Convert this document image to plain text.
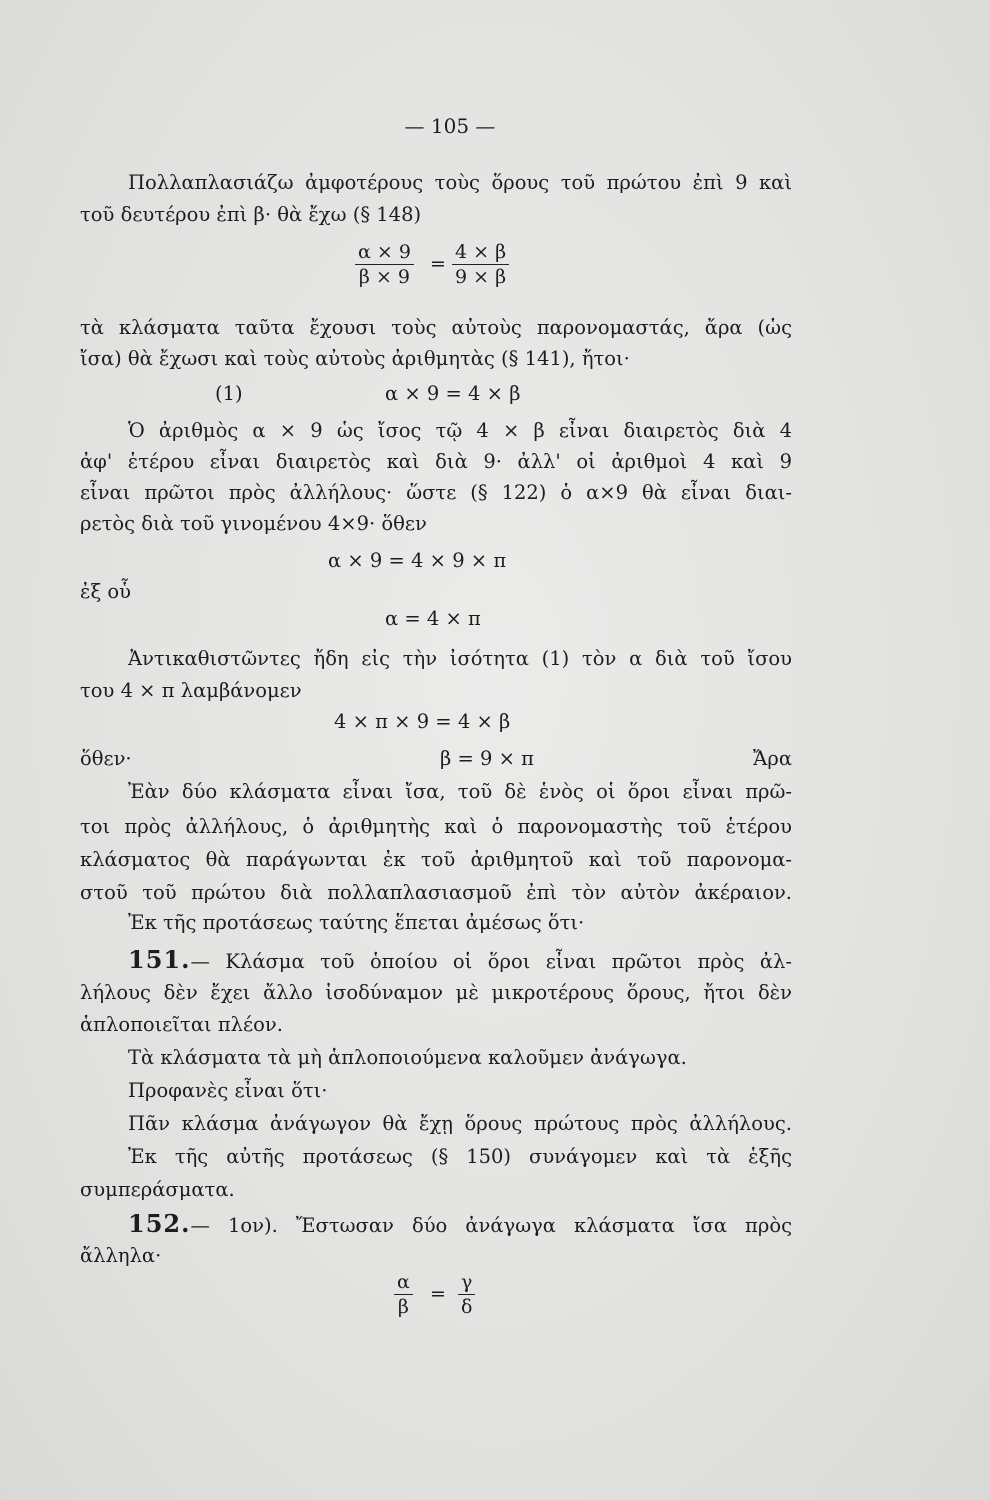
— 105 —
Πολλαπλασιάζω ἀμφοτέρους τοὺς ὅρους τοῦ πρώτου ἐπὶ 9 καὶ
τοῦ δευτέρου ἐπὶ β· θὰ ἔχω (§ 148)
$\frac{\alpha \times 9}{\beta \times 9} = \frac{4 \times \beta}{9 \times \beta}$
τὰ κλάσματα ταῦτα ἔχουσι τοὺς αὐτοὺς παρονομαστάς, ἄρα (ὡς
ἴσα) θὰ ἔχωσι καὶ τοὺς αὐτοὺς ἀριθμητὰς (§ 141), ἤτοι·
(1)	α × 9 = 4 × β
Ὁ ἀριθμὸς α × 9 ὡς ἴσος τῷ 4 × β εἶναι διαιρετὸς διὰ 4
ἀφ' ἑτέρου εἶναι διαιρετὸς καὶ διὰ 9· ἀλλ' οἱ ἀριθμοὶ 4 καὶ 9
εἶναι πρῶτοι πρὸς ἀλλήλους· ὥστε (§ 122) ὁ α×9 θὰ εἶναι διαι-
ρετὸς διὰ τοῦ γινομένου 4×9· ὅθεν
α × 9 = 4 × 9 × π
ἐξ οὗ
α = 4 × π
Ἀντικαθιστῶντες ἤδη εἰς τὴν ἰσότητα (1) τὸν α διὰ τοῦ ἴσου
του 4 × π λαμβάνομεν
4 × π × 9 = 4 × β
ὅθεν·	β = 9 × π	Ἄρα
Ἐὰν δύο κλάσματα εἶναι ἴσα, τοῦ δὲ ἑνὸς οἱ ὅροι εἶναι πρῶ-
τοι πρὸς ἀλλήλους, ὁ ἀριθμητὴς καὶ ὁ παρονομαστὴς τοῦ ἑτέρου
κλάσματος θὰ παράγωνται ἐκ τοῦ ἀριθμητοῦ καὶ τοῦ παρονομα-
στοῦ τοῦ πρώτου διὰ πολλαπλασιασμοῦ ἐπὶ τὸν αὐτὸν ἀκέραιον.
Ἐκ τῆς προτάσεως ταύτης ἕπεται ἀμέσως ὅτι·
151.— Κλάσμα τοῦ ὁποίου οἱ ὅροι εἶναι πρῶτοι πρὸς ἀλ-
λήλους δὲν ἔχει ἄλλο ἰσοδύναμον μὲ μικροτέρους ὅρους, ἤτοι δὲν
ἁπλοποιεῖται πλέον.
Τὰ κλάσματα τὰ μὴ ἁπλοποιούμενα καλοῦμεν ἀνάγωγα.
Προφανὲς εἶναι ὅτι·
Πᾶν κλάσμα ἀνάγωγον θὰ ἔχῃ ὅρους πρώτους πρὸς ἀλλήλους.
Ἐκ τῆς αὐτῆς προτάσεως (§ 150) συνάγομεν καὶ τὰ ἑξῆς
συμπεράσματα.
152.— 1ον). Ἔστωσαν δύο ἀνάγωγα κλάσματα ἴσα πρὸς
ἄλληλα·
$\frac{\alpha}{\beta} = \frac{\gamma}{\delta}$
